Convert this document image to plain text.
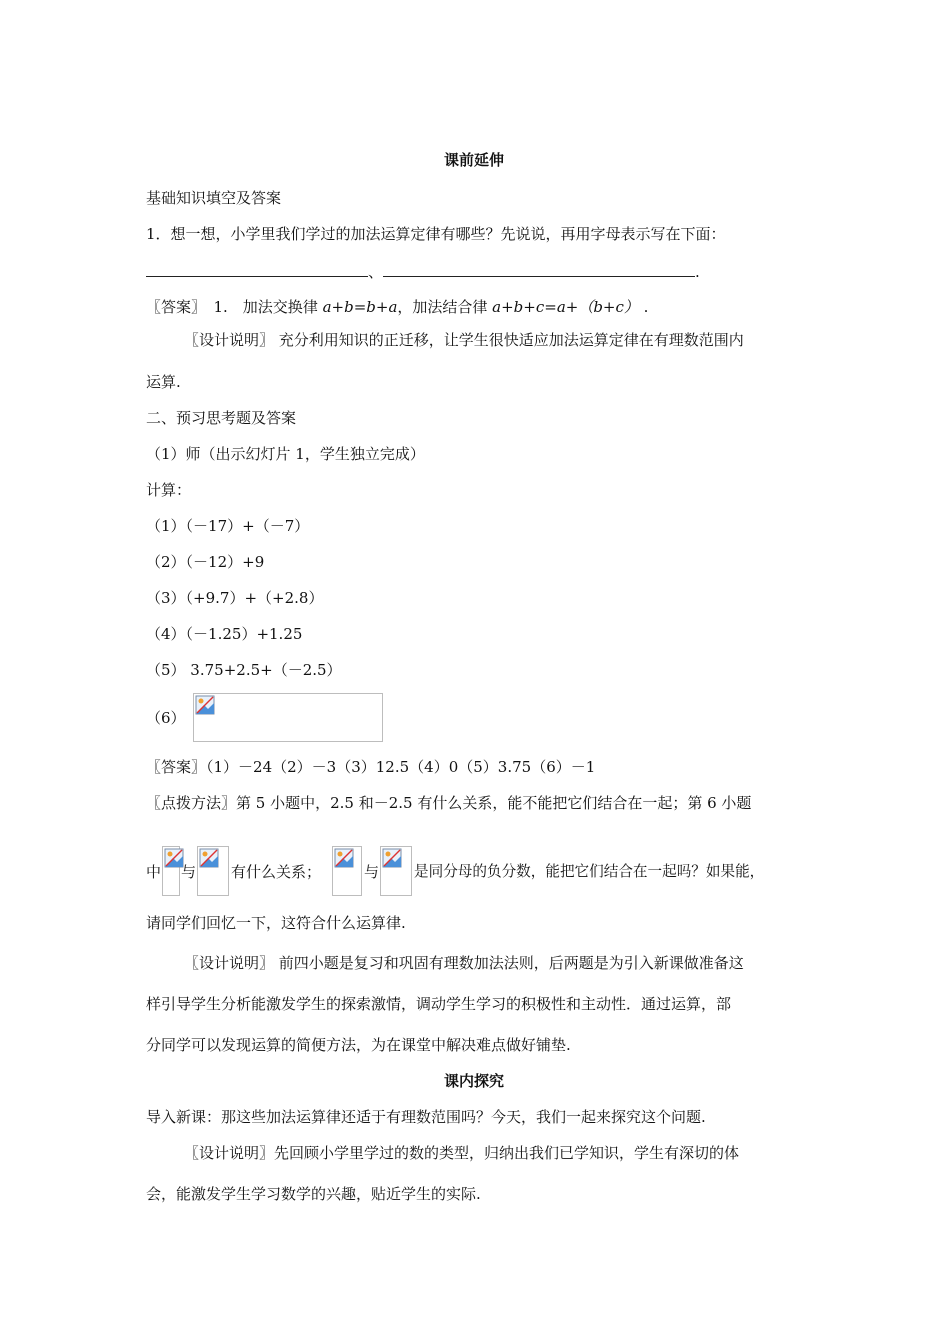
课前延伸
基础知识填空及答案
1．想一想，小学里我们学过的加法运算定律有哪些？先说说，再用字母表示写在下面：
、	.
〖答案〗　1.　加法交换律 a+b=b+a，加法结合律 a+b+c=a+（b+c） .
〖设计说明〗 充分利用知识的正迁移，让学生很快适应加法运算定律在有理数范围内
运算.
二、预习思考题及答案
（1）师（出示幻灯片 1，学生独立完成）
计算：
（1）（－17）+（－7）
（2）（－12）+9
（3）（+9.7）+（+2.8）
（4）（－1.25）+1.25
（5） 3.75+2.5+（－2.5）
（6）
〖答案〗（1）－24（2）－3（3）12.5（4）0（5）3.75（6）－1
〖点拨方法〗第 5 小题中，2.5 和－2.5 有什么关系，能不能把它们结合在一起；第 6 小题
中 与 有什么关系；	与 是同分母的负分数，能把它们结合在一起吗？如果能，
请同学们回忆一下，这符合什么运算律.
〖设计说明〗 前四小题是复习和巩固有理数加法法则，后两题是为引入新课做准备这
样引导学生分析能激发学生的探索激情，调动学生学习的积极性和主动性．通过运算，部
分同学可以发现运算的简便方法，为在课堂中解决难点做好铺垫.
课内探究
导入新课：那这些加法运算律还适于有理数范围吗？今天，我们一起来探究这个问题.
〖设计说明〗先回顾小学里学过的数的类型，归纳出我们已学知识，学生有深切的体
会，能激发学生学习数学的兴趣，贴近学生的实际.
